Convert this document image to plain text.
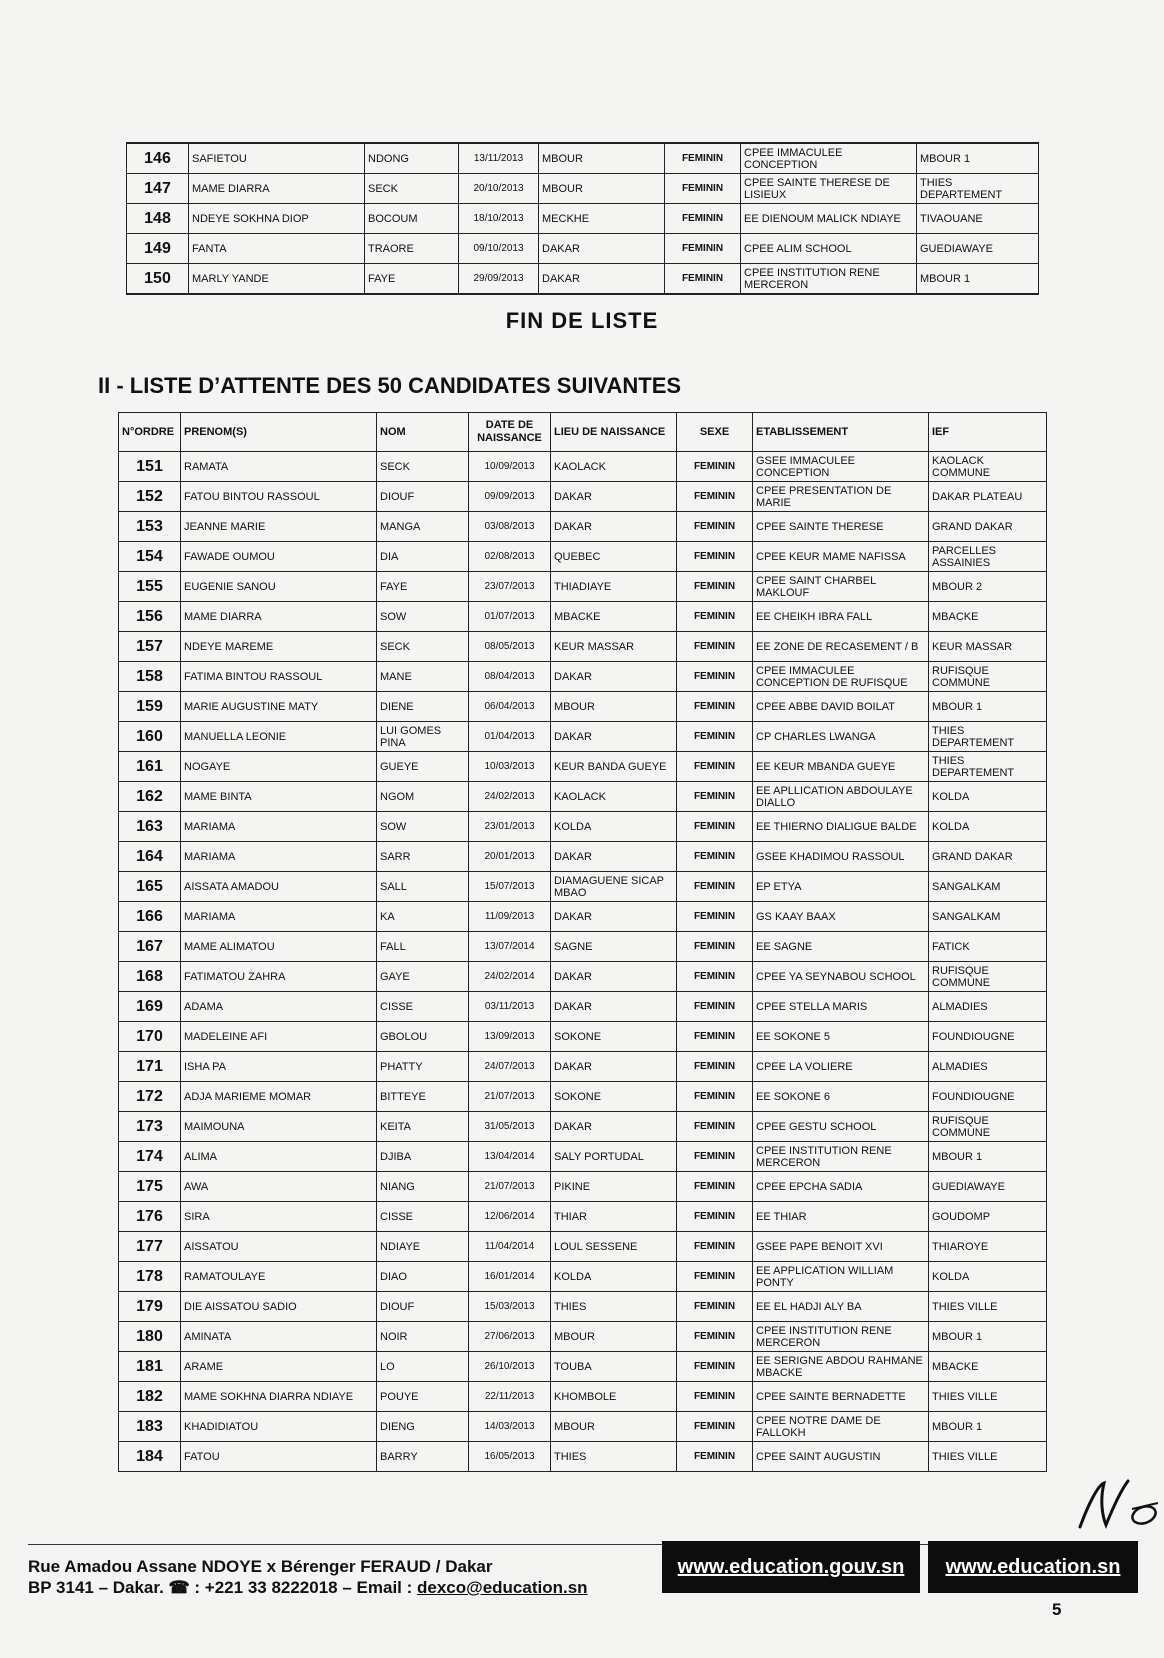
146	SAFIETOU	NDONG	13/11/2013	MBOUR	FEMININ	CPEE IMMACULEE CONCEPTION	MBOUR 1
147	MAME DIARRA	SECK	20/10/2013	MBOUR	FEMININ	CPEE SAINTE THERESE DE LISIEUX	THIES DEPARTEMENT
148	NDEYE SOKHNA DIOP	BOCOUM	18/10/2013	MECKHE	FEMININ	EE DIENOUM MALICK NDIAYE	TIVAOUANE
149	FANTA	TRAORE	09/10/2013	DAKAR	FEMININ	CPEE ALIM SCHOOL	GUEDIAWAYE
150	MARLY YANDE	FAYE	29/09/2013	DAKAR	FEMININ	CPEE INSTITUTION RENE MERCERON	MBOUR 1
FIN DE LISTE
II - LISTE D’ATTENTE DES 50 CANDIDATES SUIVANTES
N°ORDRE	PRENOM(S)	NOM	DATE DE NAISSANCE	LIEU DE NAISSANCE	SEXE	ETABLISSEMENT	IEF
151	RAMATA	SECK	10/09/2013	KAOLACK	FEMININ	GSEE IMMACULEE CONCEPTION	KAOLACK COMMUNE
152	FATOU BINTOU RASSOUL	DIOUF	09/09/2013	DAKAR	FEMININ	CPEE PRESENTATION DE MARIE	DAKAR PLATEAU
153	JEANNE MARIE	MANGA	03/08/2013	DAKAR	FEMININ	CPEE SAINTE THERESE	GRAND DAKAR
154	FAWADE OUMOU	DIA	02/08/2013	QUEBEC	FEMININ	CPEE KEUR MAME NAFISSA	PARCELLES ASSAINIES
155	EUGENIE SANOU	FAYE	23/07/2013	THIADIAYE	FEMININ	CPEE SAINT CHARBEL MAKLOUF	MBOUR 2
156	MAME DIARRA	SOW	01/07/2013	MBACKE	FEMININ	EE CHEIKH IBRA FALL	MBACKE
157	NDEYE MAREME	SECK	08/05/2013	KEUR MASSAR	FEMININ	EE ZONE DE RECASEMENT / B	KEUR MASSAR
158	FATIMA BINTOU RASSOUL	MANE	08/04/2013	DAKAR	FEMININ	CPEE IMMACULEE CONCEPTION DE RUFISQUE	RUFISQUE COMMUNE
159	MARIE AUGUSTINE MATY	DIENE	06/04/2013	MBOUR	FEMININ	CPEE ABBE DAVID BOILAT	MBOUR 1
160	MANUELLA LEONIE	LUI GOMES PINA	01/04/2013	DAKAR	FEMININ	CP CHARLES LWANGA	THIES DEPARTEMENT
161	NOGAYE	GUEYE	10/03/2013	KEUR BANDA GUEYE	FEMININ	EE KEUR MBANDA GUEYE	THIES DEPARTEMENT
162	MAME BINTA	NGOM	24/02/2013	KAOLACK	FEMININ	EE APLLICATION ABDOULAYE DIALLO	KOLDA
163	MARIAMA	SOW	23/01/2013	KOLDA	FEMININ	EE THIERNO DIALIGUE BALDE	KOLDA
164	MARIAMA	SARR	20/01/2013	DAKAR	FEMININ	GSEE KHADIMOU RASSOUL	GRAND DAKAR
165	AISSATA AMADOU	SALL	15/07/2013	DIAMAGUENE SICAP MBAO	FEMININ	EP ETYA	SANGALKAM
166	MARIAMA	KA	11/09/2013	DAKAR	FEMININ	GS KAAY BAAX	SANGALKAM
167	MAME ALIMATOU	FALL	13/07/2014	SAGNE	FEMININ	EE SAGNE	FATICK
168	FATIMATOU ZAHRA	GAYE	24/02/2014	DAKAR	FEMININ	CPEE YA SEYNABOU SCHOOL	RUFISQUE COMMUNE
169	ADAMA	CISSE	03/11/2013	DAKAR	FEMININ	CPEE STELLA MARIS	ALMADIES
170	MADELEINE AFI	GBOLOU	13/09/2013	SOKONE	FEMININ	EE SOKONE 5	FOUNDIOUGNE
171	ISHA PA	PHATTY	24/07/2013	DAKAR	FEMININ	CPEE LA VOLIERE	ALMADIES
172	ADJA MARIEME MOMAR	BITTEYE	21/07/2013	SOKONE	FEMININ	EE SOKONE 6	FOUNDIOUGNE
173	MAIMOUNA	KEITA	31/05/2013	DAKAR	FEMININ	CPEE GESTU SCHOOL	RUFISQUE COMMUNE
174	ALIMA	DJIBA	13/04/2014	SALY PORTUDAL	FEMININ	CPEE INSTITUTION RENE MERCERON	MBOUR 1
175	AWA	NIANG	21/07/2013	PIKINE	FEMININ	CPEE EPCHA SADIA	GUEDIAWAYE
176	SIRA	CISSE	12/06/2014	THIAR	FEMININ	EE THIAR	GOUDOMP
177	AISSATOU	NDIAYE	11/04/2014	LOUL SESSENE	FEMININ	GSEE PAPE BENOIT XVI	THIAROYE
178	RAMATOULAYE	DIAO	16/01/2014	KOLDA	FEMININ	EE APPLICATION WILLIAM PONTY	KOLDA
179	DIE AISSATOU SADIO	DIOUF	15/03/2013	THIES	FEMININ	EE EL HADJI ALY BA	THIES VILLE
180	AMINATA	NOIR	27/06/2013	MBOUR	FEMININ	CPEE INSTITUTION RENE MERCERON	MBOUR 1
181	ARAME	LO	26/10/2013	TOUBA	FEMININ	EE SERIGNE ABDOU RAHMANE MBACKE	MBACKE
182	MAME SOKHNA DIARRA NDIAYE	POUYE	22/11/2013	KHOMBOLE	FEMININ	CPEE SAINTE BERNADETTE	THIES VILLE
183	KHADIDIATOU	DIENG	14/03/2013	MBOUR	FEMININ	CPEE NOTRE DAME DE FALLOKH	MBOUR 1
184	FATOU	BARRY	16/05/2013	THIES	FEMININ	CPEE SAINT AUGUSTIN	THIES VILLE
Rue Amadou Assane NDOYE x Bérenger FERAUD / Dakar
BP 3141 – Dakar. ☎ : +221 33 8222018 – Email : dexco@education.sn
www.education.gouv.sn	www.education.sn
5
